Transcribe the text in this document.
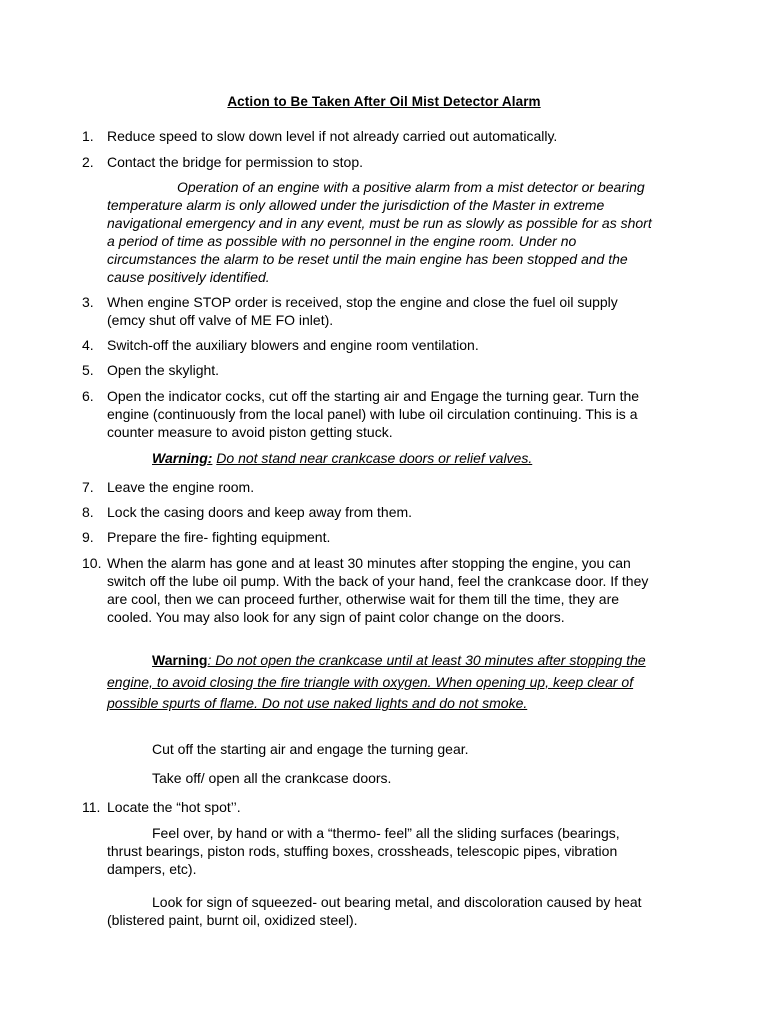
Action to Be Taken After Oil Mist Detector Alarm
1. Reduce speed to slow down level if not already carried out automatically.
2. Contact the bridge for permission to stop.
Operation of an engine with a positive alarm from a mist detector or bearing temperature alarm is only allowed under the jurisdiction of the Master in extreme navigational emergency and in any event, must be run as slowly as possible for as short a period of time as possible with no personnel in the engine room. Under no circumstances the alarm to be reset until the main engine has been stopped and the cause positively identified.
3. When engine STOP order is received, stop the engine and close the fuel oil supply (emcy shut off valve of ME FO inlet).
4. Switch-off the auxiliary blowers and engine room ventilation.
5. Open the skylight.
6. Open the indicator cocks, cut off the starting air and Engage the turning gear. Turn the engine (continuously from the local panel) with lube oil circulation continuing. This is a counter measure to avoid piston getting stuck.
Warning: Do not stand near crankcase doors or relief valves.
7. Leave the engine room.
8. Lock the casing doors and keep away from them.
9. Prepare the fire- fighting equipment.
10. When the alarm has gone and at least 30 minutes after stopping the engine, you can switch off the lube oil pump. With the back of your hand, feel the crankcase door. If they are cool, then we can proceed further, otherwise wait for them till the time, they are cooled. You may also look for any sign of paint color change on the doors.
Warning: Do not open the crankcase until at least 30 minutes after stopping the engine, to avoid closing the fire triangle with oxygen. When opening up, keep clear of possible spurts of flame. Do not use naked lights and do not smoke.
Cut off the starting air and engage the turning gear.
Take off/ open all the crankcase doors.
11. Locate the “hot spot’’.
Feel over, by hand or with a “thermo- feel” all the sliding surfaces (bearings, thrust bearings, piston rods, stuffing boxes, crossheads, telescopic pipes, vibration dampers, etc).
Look for sign of squeezed- out bearing metal, and discoloration caused by heat (blistered paint, burnt oil, oxidized steel).
